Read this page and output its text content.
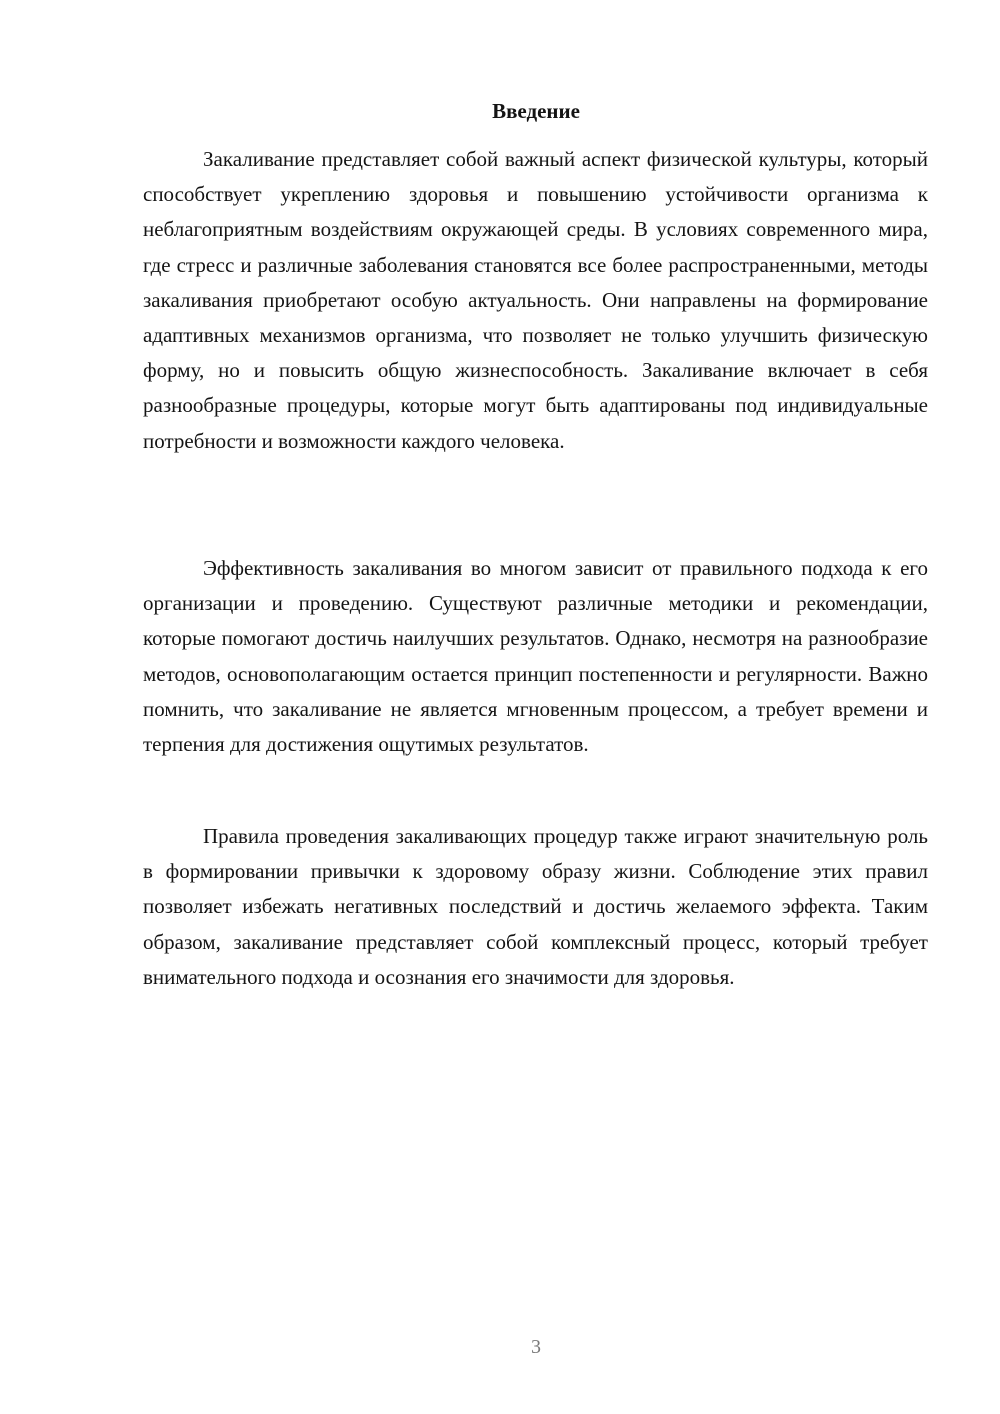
Введение

Закаливание представляет собой важный аспект физической культуры, который способствует укреплению здоровья и повышению устойчивости организма к неблагоприятным воздействиям окружающей среды. В условиях современного мира, где стресс и различные заболевания становятся все более распространенными, методы закаливания приобретают особую актуальность. Они направлены на формирование адаптивных механизмов организма, что позволяет не только улучшить физическую форму, но и повысить общую жизнеспособность. Закаливание включает в себя разнообразные процедуры, которые могут быть адаптированы под индивидуальные потребности и возможности каждого человека.

Эффективность закаливания во многом зависит от правильного подхода к его организации и проведению. Существуют различные методики и рекомендации, которые помогают достичь наилучших результатов. Однако, несмотря на разнообразие методов, основополагающим остается принцип постепенности и регулярности. Важно помнить, что закаливание не является мгновенным процессом, а требует времени и терпения для достижения ощутимых результатов.

Правила проведения закаливающих процедур также играют значительную роль в формировании привычки к здоровому образу жизни. Соблюдение этих правил позволяет избежать негативных последствий и достичь желаемого эффекта. Таким образом, закаливание представляет собой комплексный процесс, который требует внимательного подхода и осознания его значимости для здоровья.

3
